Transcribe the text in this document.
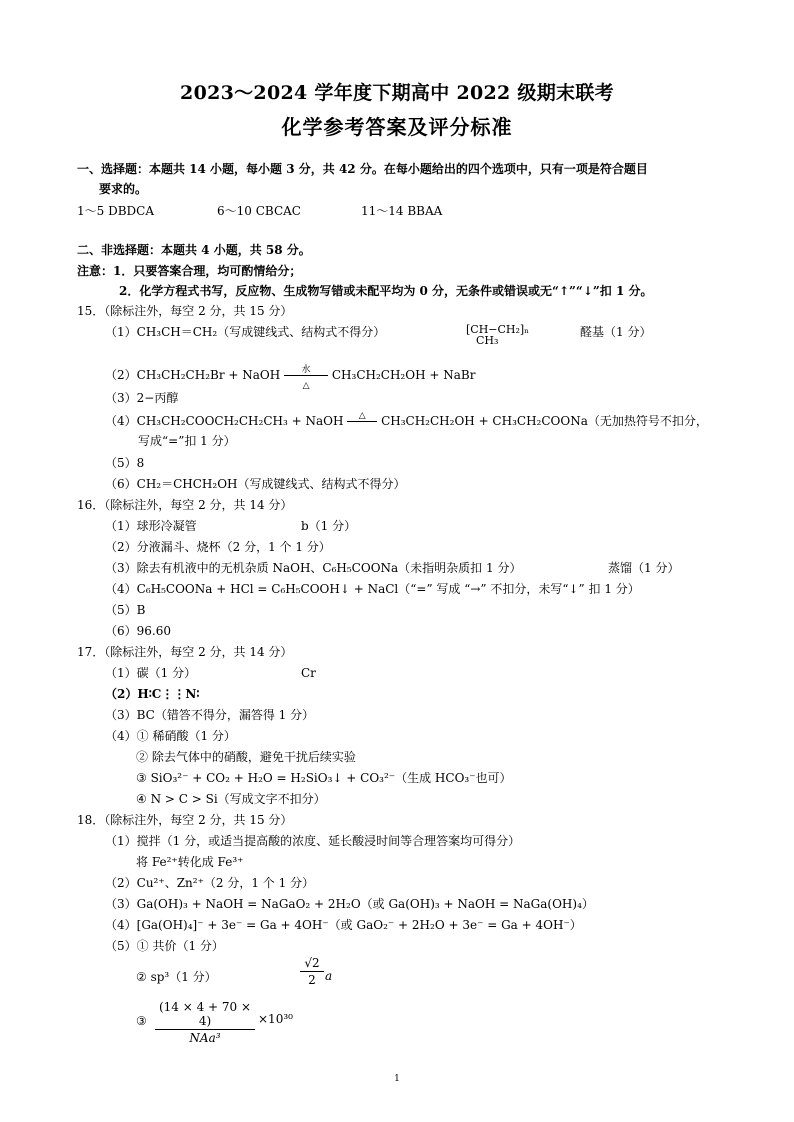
2023～2024 学年度下期高中 2022 级期末联考
化学参考答案及评分标准
一、选择题：本题共 14 小题，每小题 3 分，共 42 分。在每小题给出的四个选项中，只有一项是符合题目
要求的。
1～5 DBDCA	6～10 CBCAC	11～14 BBAA
二、非选择题：本题共 4 小题，共 58 分。
注意：1．只要答案合理，均可酌情给分；
2．化学方程式书写，反应物、生成物写错或未配平均为 0 分，无条件或错误或无“↑”“↓”扣 1 分。
15．（除标注外，每空 2 分，共 15 分）
（1）CH₃CH＝CH₂（写成键线式、结构式不得分）	[CH−CH₂]ₙ
CH₃
醛基（1 分）
（2）CH₃CH₂CH₂Br + NaOH	水
△
CH₃CH₂CH₂OH + NaBr
（3）2−丙醇
（4）CH₃CH₂COOCH₂CH₂CH₃ + NaOH	△	CH₃CH₂CH₂OH + CH₃CH₂COONa（无加热符号不扣分，
写成“=”扣 1 分）
（5）8
（6）CH₂＝CHCH₂OH（写成键线式、结构式不得分）
16．（除标注外，每空 2 分，共 14 分）
（1）球形冷凝管	b（1 分）
（2）分液漏斗、烧杯（2 分，1 个 1 分）
（3）除去有机液中的无机杂质 NaOH、C₆H₅COONa（未指明杂质扣 1 分）	蒸馏（1 分）
（4）C₆H₅COONa + HCl = C₆H₅COOH↓ + NaCl（“=” 写成 “→” 不扣分，未写“↓” 扣 1 分）
（5）B
（6）96.60
17．（除标注外，每空 2 分，共 14 分）
（1）碳（1 分）	Cr
（2）H∶C⋮⋮N∶
（3）BC（错答不得分，漏答得 1 分）
（4）① 稀硝酸（1 分）
② 除去气体中的硝酸，避免干扰后续实验
③ SiO₃²⁻ + CO₂ + H₂O = H₂SiO₃↓ + CO₃²⁻（生成 HCO₃⁻也可）
④ N > C > Si（写成文字不扣分）
18．（除标注外，每空 2 分，共 15 分）
（1）搅拌（1 分，或适当提高酸的浓度、延长酸浸时间等合理答案均可得分）
将 Fe²⁺转化成 Fe³⁺
（2）Cu²⁺、Zn²⁺（2 分，1 个 1 分）
（3）Ga(OH)₃ + NaOH = NaGaO₂ + 2H₂O（或 Ga(OH)₃ + NaOH = NaGa(OH)₄）
（4）[Ga(OH)₄]⁻ + 3e⁻ = Ga + 4OH⁻（或 GaO₂⁻ + 2H₂O + 3e⁻ = Ga + 4OH⁻）
（5）① 共价（1 分）
② sp³（1 分）
√2
2 a
③
(14 × 4 + 70 × 4)
NAa³
×10³⁰
1
